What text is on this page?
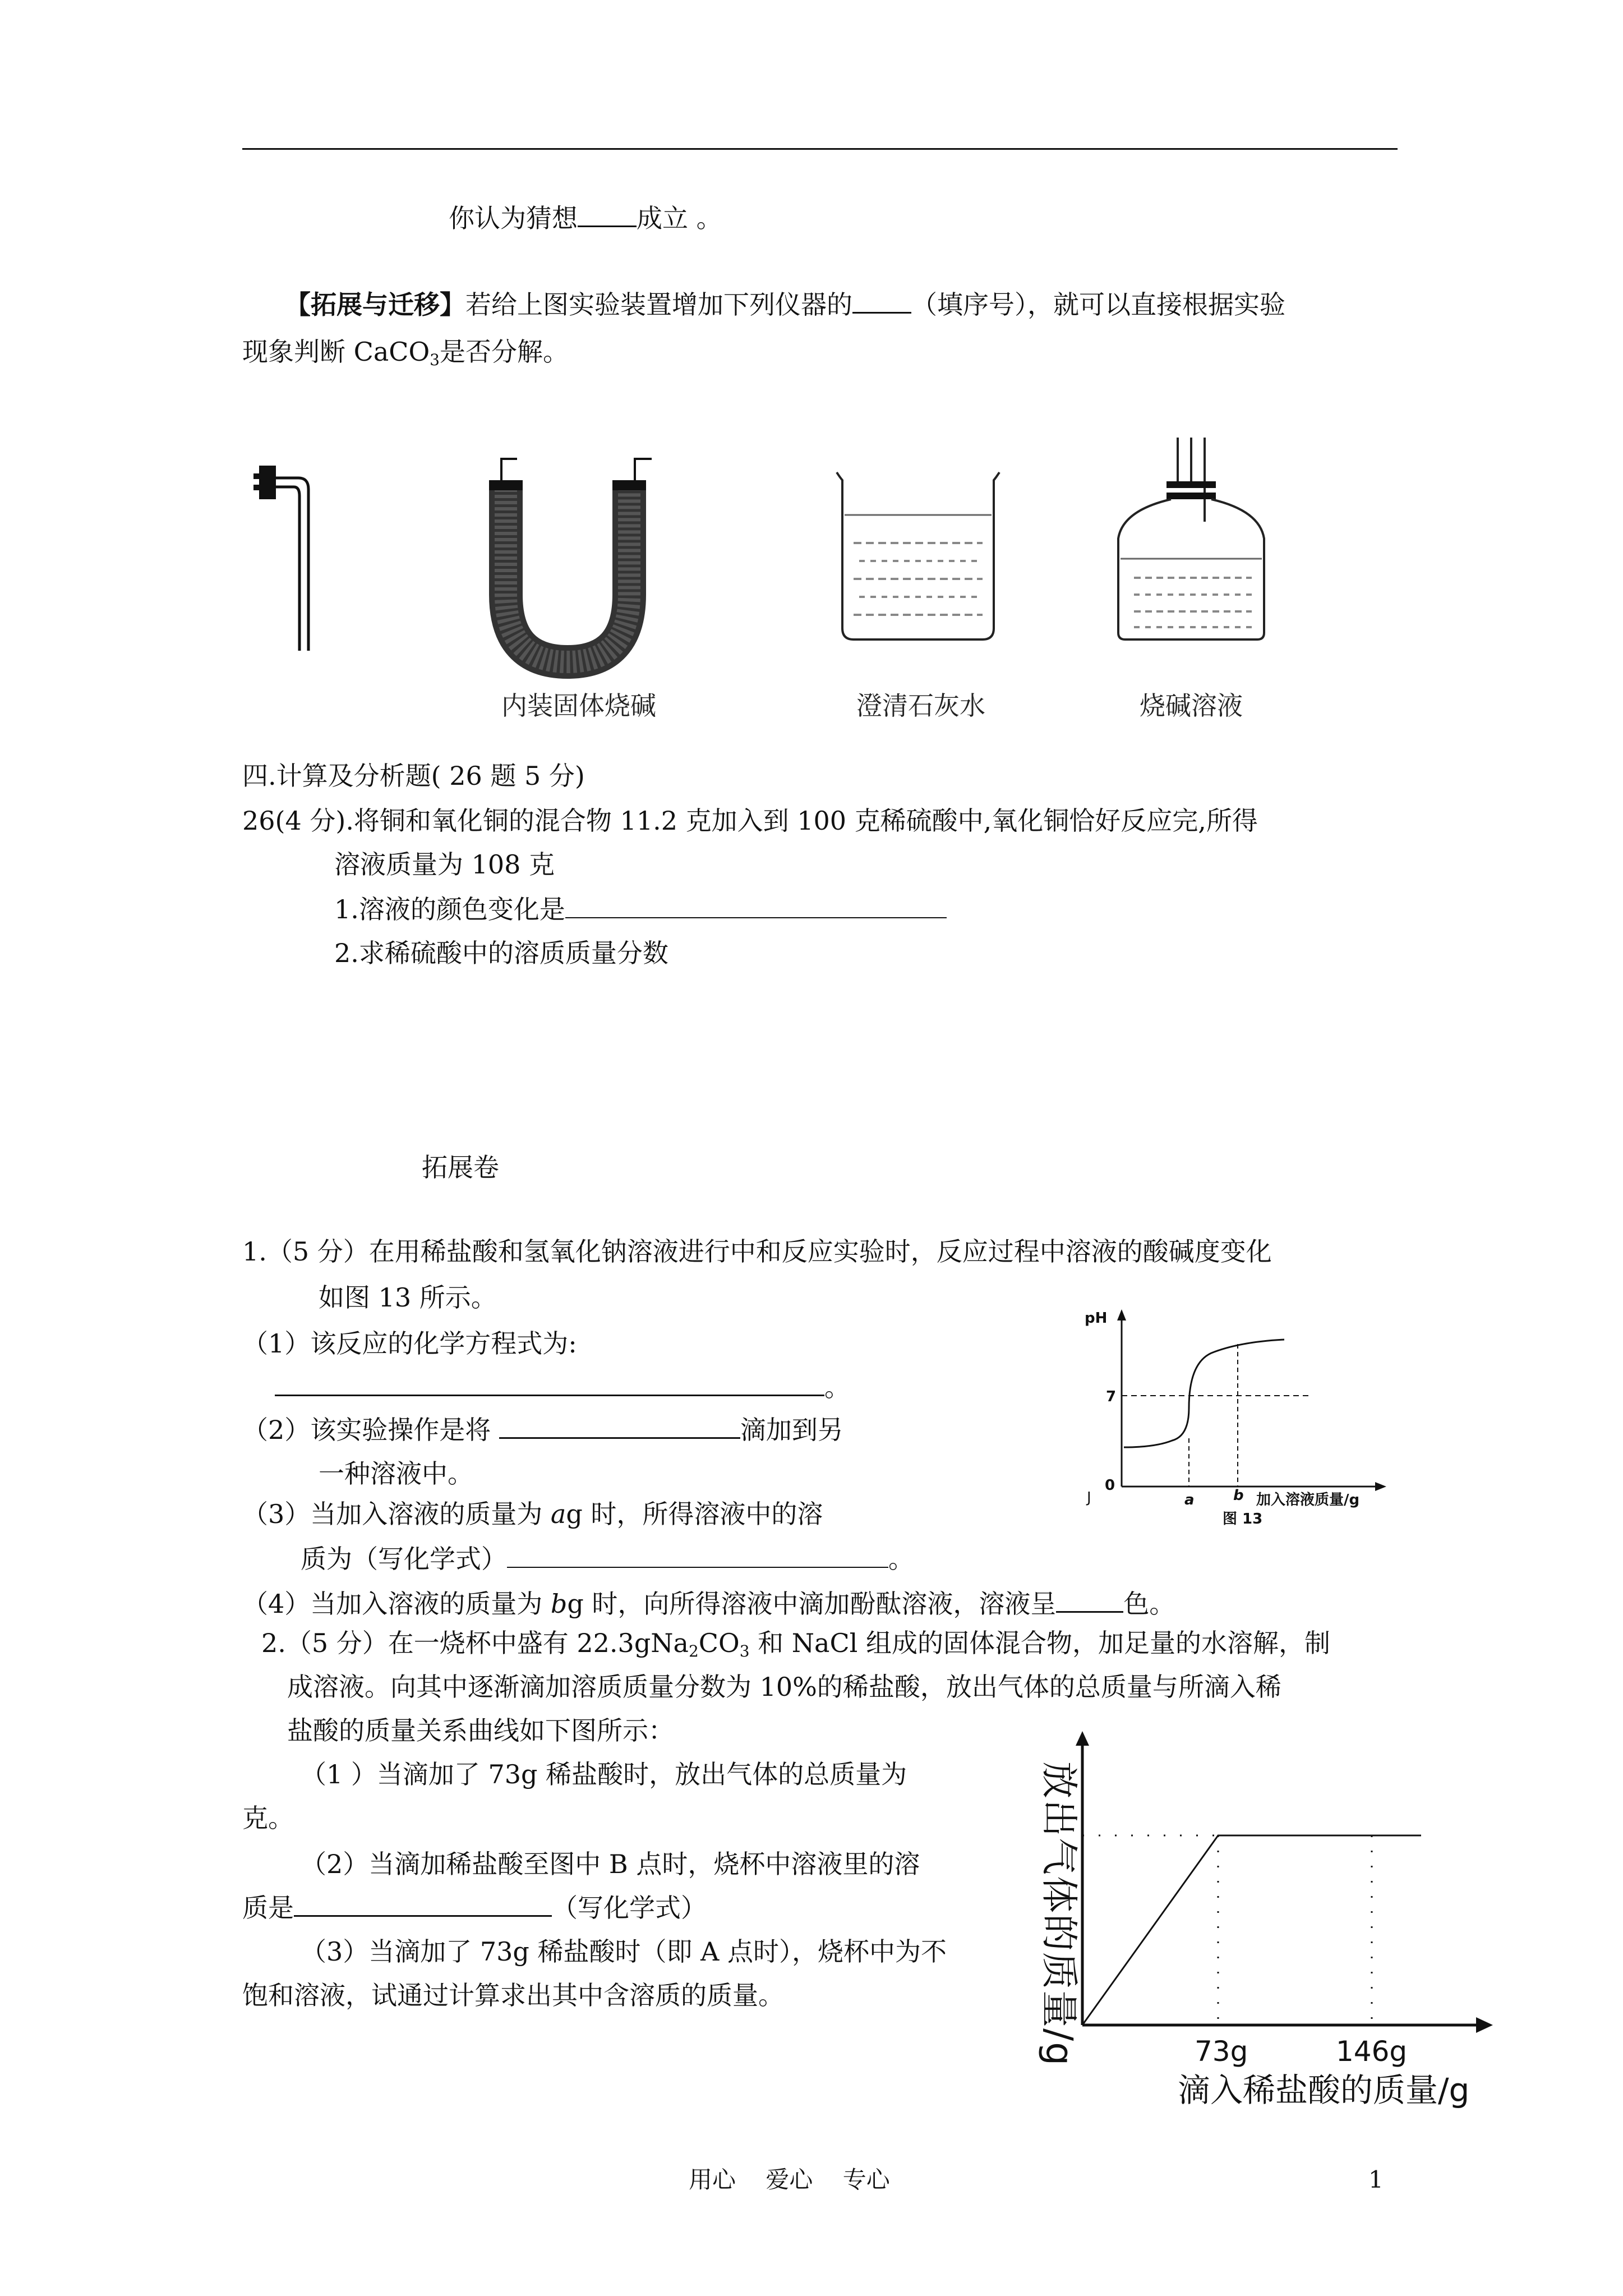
你认为猜想 成立 。
【拓展与迁移】若给上图实验装置增加下列仪器的 （填序号），就可以直接根据实验
现象判断 CaCO$_3$是否分解。
内装固体烧碱	澄清石灰水	烧碱溶液
四.计算及分析题( 26 题 5 分)
26(4 分).将铜和氧化铜的混合物 11.2 克加入到 100 克稀硫酸中,氧化铜恰好反应完,所得
溶液质量为 108 克
1.溶液的颜色变化是
2.求稀硫酸中的溶质质量分数
拓展卷
1.（5 分）在用稀盐酸和氢氧化钠溶液进行中和反应实验时，反应过程中溶液的酸碱度变化
如图 13 所示。
（1）该反应的化学方程式为:
。
（2）该实验操作是将	滴加到另
一种溶液中。
（3）当加入溶液的质量为 ag 时，所得溶液中的溶
质为（写化学式）	。
（4）当加入溶液的质量为 bg 时，向所得溶液中滴加酚酞溶液，溶液呈	色。
pH
7
0
a	b 加入溶液质量/g
图 13
J
2.（5 分）在一烧杯中盛有 $22.3gNa_2CO_3$ 和 NaCl 组成的固体混合物，加足量的水溶解，制
成溶液。向其中逐渐滴加溶质质量分数为 10%的稀盐酸，放出气体的总质量与所滴入稀
盐酸的质量关系曲线如下图所示：
（1 ）当滴加了 73g 稀盐酸时，放出气体的总质量为
克。
（2）当滴加稀盐酸至图中 B 点时，烧杯中溶液里的溶
质是	（写化学式）
（3）当滴加了 73g 稀盐酸时（即 A 点时），烧杯中为不
饱和溶液，试通过计算求出其中含溶质的质量。	放出气体的质量/g	73g	146g
滴入稀盐酸的质量/g
用心    爱心    专心	1
